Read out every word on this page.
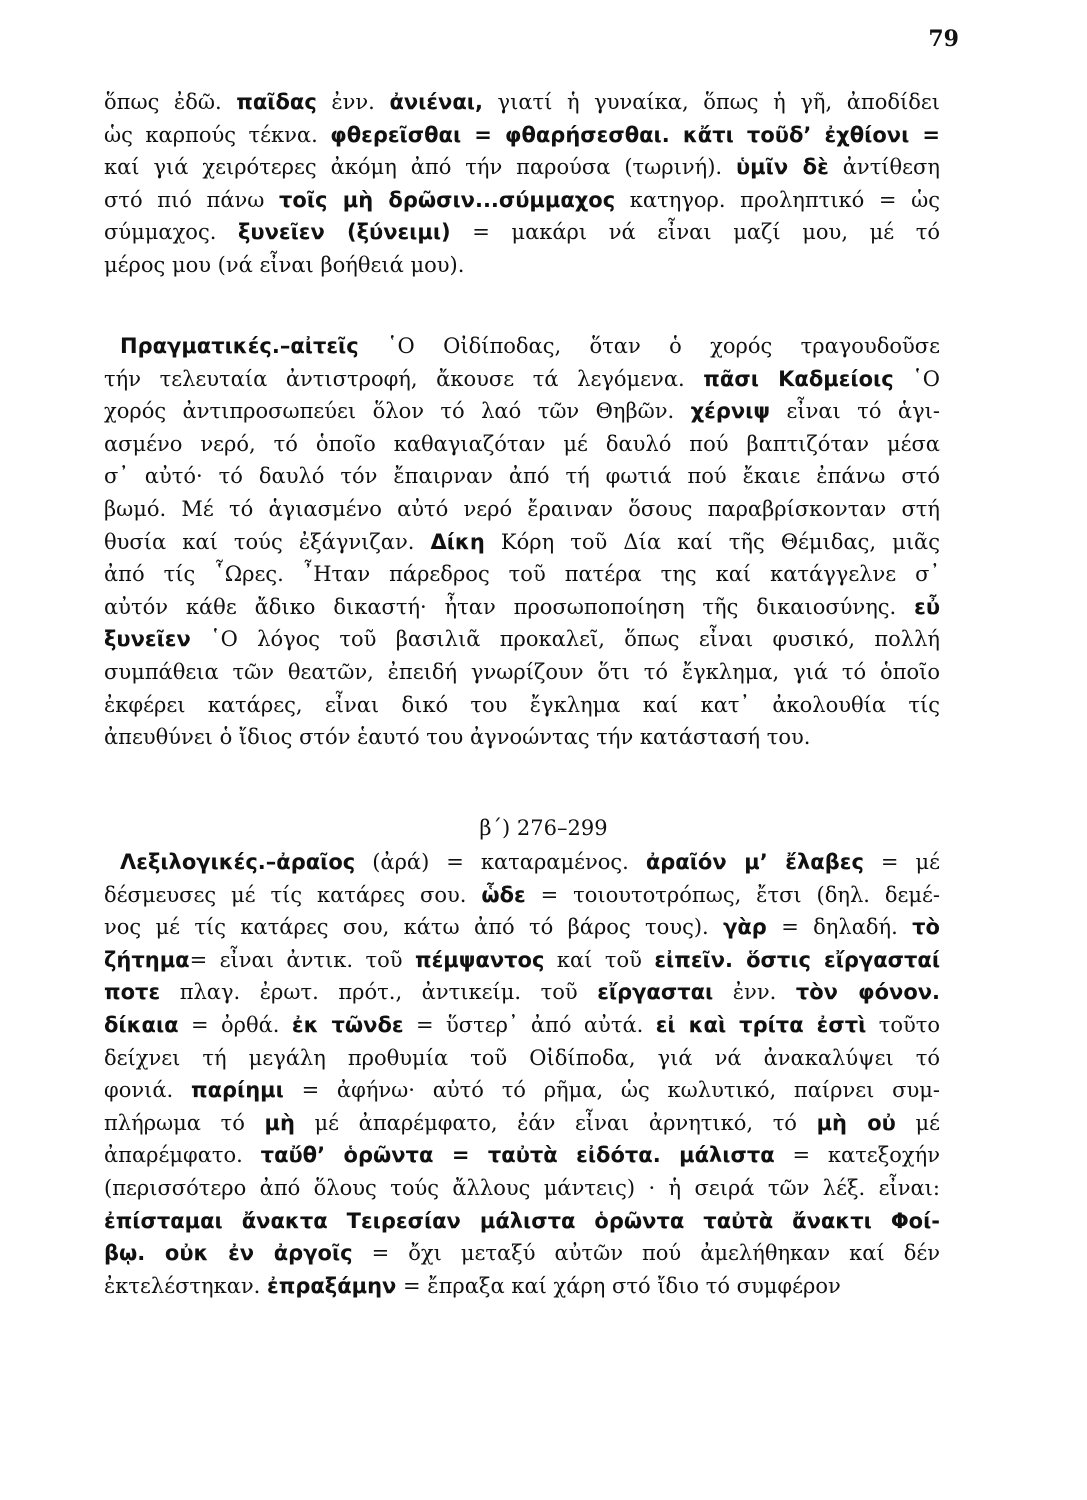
79
ὅπως ἐδῶ. παῖδας ἐνν. ἀνιέναι, γιατί ἡ γυναίκα, ὅπως ἡ γῆ, ἀποδίδει
ὡς καρπούς τέκνα. φθερεῖσθαι = φθαρήσεσθαι. κἄτι τοῦδ’ ἐχθίονι =
καί γιά χειρότερες ἀκόμη ἀπό τήν παρούσα (τωρινή). ὑμῖν δὲ ἀντίθεση
στό πιό πάνω τοῖς μὴ δρῶσιν...σύμμαχος κατηγορ. προληπτικό = ὡς
σύμμαχος. ξυνεῖεν (ξύνειμι) = μακάρι νά εἶναι μαζί μου, μέ τό
μέρος μου (νά εἶναι βοήθειά μου).
Πραγματικές.–αἰτεῖς ῾Ο Οἰδίποδας, ὅταν ὁ χορός τραγουδοῦσε
τήν τελευταία ἀντιστροφή, ἄκουσε τά λεγόμενα. πᾶσι Καδμείοις ῾Ο
χορός ἀντιπροσωπεύει ὅλον τό λαό τῶν Θηβῶν. χέρνιψ εἶναι τό ἁγι-
ασμένο νερό, τό ὁποῖο καθαγιαζόταν μέ δαυλό πού βαπτιζόταν μέσα
σ᾽ αὐτό· τό δαυλό τόν ἔπαιρναν ἀπό τή φωτιά πού ἔκαιε ἐπάνω στό
βωμό. Μέ τό ἁγιασμένο αὐτό νερό ἔραιναν ὅσους παραβρίσκονταν στή
θυσία καί τούς ἐξάγνιζαν. Δίκη Κόρη τοῦ Δία καί τῆς Θέμιδας, μιᾶς
ἀπό τίς ῟Ωρες. ῏Ηταν πάρεδρος τοῦ πατέρα της καί κατάγγελνε σ᾽
αὐτόν κάθε ἄδικο δικαστή· ἦταν προσωποποίηση τῆς δικαιοσύνης. εὖ
ξυνεῖεν ῾Ο λόγος τοῦ βασιλιᾶ προκαλεῖ, ὅπως εἶναι φυσικό, πολλή
συμπάθεια τῶν θεατῶν, ἐπειδή γνωρίζουν ὅτι τό ἔγκλημα, γιά τό ὁποῖο
ἐκφέρει κατάρες, εἶναι δικό του ἔγκλημα καί κατ᾽ ἀκολουθία τίς
ἀπευθύνει ὁ ἴδιος στόν ἑαυτό του ἀγνοώντας τήν κατάστασή του.
β΄) 276–299
Λεξιλογικές.–ἀραῖος (ἀρά) = καταραμένος. ἀραῖόν μ’ ἔλαβες = μέ
δέσμευσες μέ τίς κατάρες σου. ὧδε = τοιουτοτρόπως, ἔτσι (δηλ. δεμέ-
νος μέ τίς κατάρες σου, κάτω ἀπό τό βάρος τους). γὰρ = δηλαδή. τὸ
ζήτημα= εἶναι ἀντικ. τοῦ πέμψαντος καί τοῦ εἰπεῖν. ὅστις εἴργασταί
ποτε πλαγ. ἐρωτ. πρότ., ἀντικείμ. τοῦ εἴργασται ἐνν. τὸν φόνον.
δίκαια = ὀρθά. ἐκ τῶνδε = ὕστερ᾽ ἀπό αὐτά. εἰ καὶ τρίτα ἐστὶ τοῦτο
δείχνει τή μεγάλη προθυμία τοῦ Οἰδίποδα, γιά νά ἀνακαλύψει τό
φονιά. παρίημι = ἀφήνω· αὐτό τό ρῆμα, ὡς κωλυτικό, παίρνει συμ-
πλήρωμα τό μὴ μέ ἀπαρέμφατο, ἐάν εἶναι ἀρνητικό, τό μὴ οὐ μέ
ἀπαρέμφατο. ταὔθ’ ὁρῶντα = ταὐτὰ εἰδότα. μάλιστα = κατεξοχήν
(περισσότερο ἀπό ὅλους τούς ἄλλους μάντεις) · ἡ σειρά τῶν λέξ. εἶναι:
ἐπίσταμαι ἄνακτα Τειρεσίαν μάλιστα ὁρῶντα ταὐτὰ ἄνακτι Φοί-
βῳ. οὐκ ἐν ἀργοῖς = ὄχι μεταξύ αὐτῶν πού ἀμελήθηκαν καί δέν
ἐκτελέστηκαν. ἐπραξάμην = ἔπραξα καί χάρη στό ἴδιο τό συμφέρον
